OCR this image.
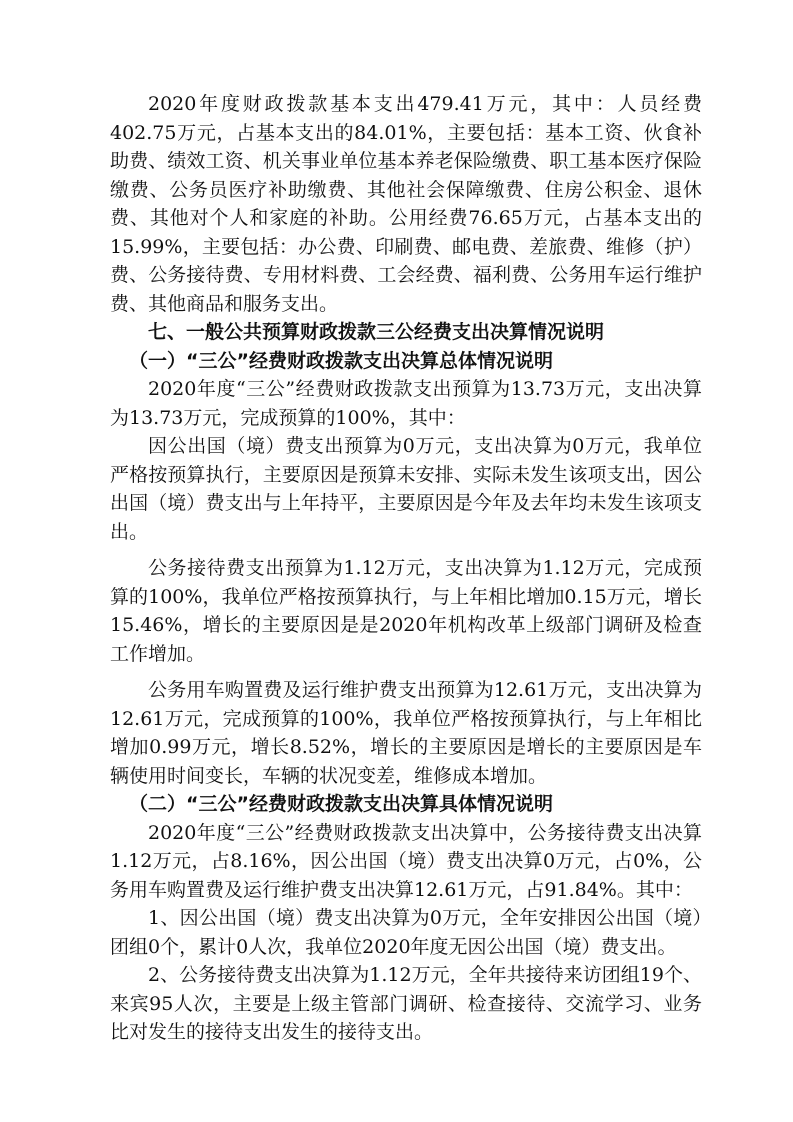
2020年度财政拨款基本支出479.41万元，其中：人员经费402.75万元，占基本支出的84.01%，主要包括：基本工资、伙食补助费、绩效工资、机关事业单位基本养老保险缴费、职工基本医疗保险缴费、公务员医疗补助缴费、其他社会保障缴费、住房公积金、退休费、其他对个人和家庭的补助。公用经费76.65万元，占基本支出的15.99%，主要包括：办公费、印刷费、邮电费、差旅费、维修（护）费、公务接待费、专用材料费、工会经费、福利费、公务用车运行维护费、其他商品和服务支出。

七、一般公共预算财政拨款三公经费支出决算情况说明
（一）“三公”经费财政拨款支出决算总体情况说明

2020年度“三公”经费财政拨款支出预算为13.73万元，支出决算为13.73万元，完成预算的100%，其中：

因公出国（境）费支出预算为0万元，支出决算为0万元，我单位严格按预算执行，主要原因是预算未安排、实际未发生该项支出，因公出国（境）费支出与上年持平，主要原因是今年及去年均未发生该项支出。

公务接待费支出预算为1.12万元，支出决算为1.12万元，完成预算的100%，我单位严格按预算执行，与上年相比增加0.15万元，增长15.46%，增长的主要原因是是2020年机构改革上级部门调研及检查工作增加。

公务用车购置费及运行维护费支出预算为12.61万元，支出决算为12.61万元，完成预算的100%，我单位严格按预算执行，与上年相比增加0.99万元，增长8.52%，增长的主要原因是增长的主要原因是车辆使用时间变长，车辆的状况变差，维修成本增加。

（二）“三公”经费财政拨款支出决算具体情况说明

2020年度“三公”经费财政拨款支出决算中，公务接待费支出决算1.12万元，占8.16%，因公出国（境）费支出决算0万元，占0%，公务用车购置费及运行维护费支出决算12.61万元，占91.84%。其中：

1、因公出国（境）费支出决算为0万元，全年安排因公出国（境）团组0个，累计0人次，我单位2020年度无因公出国（境）费支出。

2、公务接待费支出决算为1.12万元，全年共接待来访团组19个、来宾95人次，主要是上级主管部门调研、检查接待、交流学习、业务比对发生的接待支出发生的接待支出。
